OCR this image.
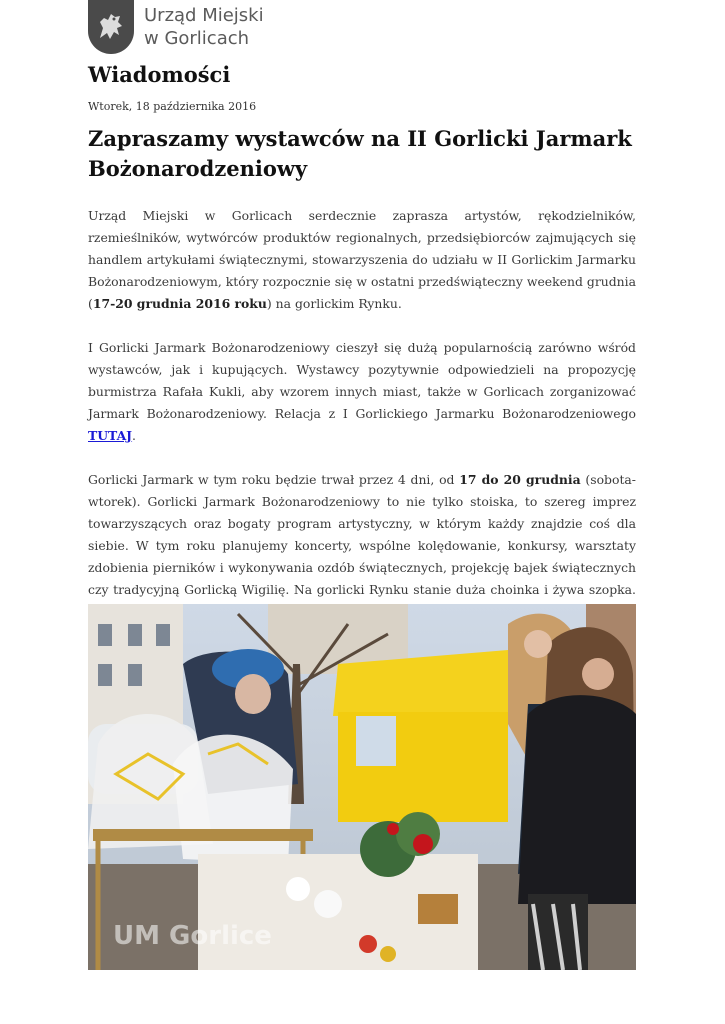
Urząd Miejski
w Gorlicach
Wiadomości
Wtorek, 18 października 2016
Zapraszamy wystawców na II Gorlicki Jarmark Bożonarodzeniowy

Urząd Miejski w Gorlicach serdecznie zaprasza artystów, rękodzielników, rzemieślników, wytwórców produktów regionalnych, przedsiębiorców zajmujących się handlem artykułami świątecznymi, stowarzyszenia do udziału w II Gorlickim Jarmarku Bożonarodzeniowym, który rozpocznie się w ostatni przedświąteczny weekend grudnia (17-20 grudnia 2016 roku) na gorlickim Rynku.

I Gorlicki Jarmark Bożonarodzeniowy cieszył się dużą popularnością zarówno wśród wystawców, jak i kupujących. Wystawcy pozytywnie odpowiedzieli na propozycję burmistrza Rafała Kukli, aby wzorem innych miast, także w Gorlicach zorganizować Jarmark Bożonarodzeniowy. Relacja z I Gorlickiego Jarmarku Bożonarodzeniowego TUTAJ.

Gorlicki Jarmark w tym roku będzie trwał przez 4 dni, od 17 do 20 grudnia (sobota-wtorek). Gorlicki Jarmark Bożonarodzeniowy to nie tylko stoiska, to szereg imprez towarzyszących oraz bogaty program artystyczny, w którym każdy znajdzie coś dla siebie. W tym roku planujemy koncerty, wspólne kolędowanie, konkursy, warsztaty zdobienia pierników i wykonywania ozdób świątecznych, projekcję bajek świątecznych czy tradycyjną Gorlicką Wigilię. Na gorlicki Rynku stanie duża choinka i żywa szopka.

UM Gorlice
